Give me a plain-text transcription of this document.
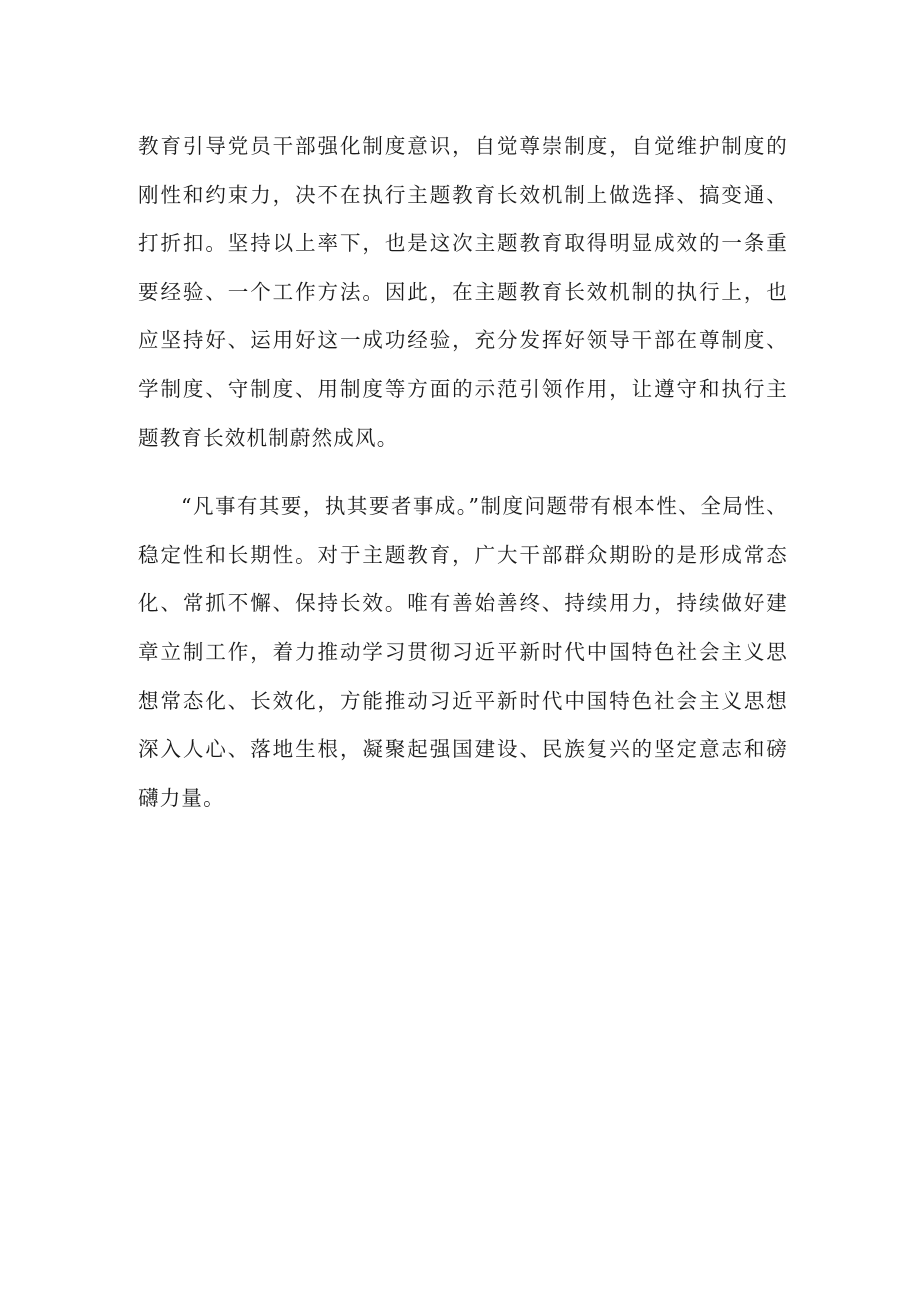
教育引导党员干部强化制度意识，自觉尊崇制度，自觉维护制度的刚性和约束力，决不在执行主题教育长效机制上做选择、搞变通、打折扣。坚持以上率下，也是这次主题教育取得明显成效的一条重要经验、一个工作方法。因此，在主题教育长效机制的执行上，也应坚持好、运用好这一成功经验，充分发挥好领导干部在尊制度、学制度、守制度、用制度等方面的示范引领作用，让遵守和执行主题教育长效机制蔚然成风。

“凡事有其要，执其要者事成。”制度问题带有根本性、全局性、稳定性和长期性。对于主题教育，广大干部群众期盼的是形成常态化、常抓不懈、保持长效。唯有善始善终、持续用力，持续做好建章立制工作，着力推动学习贯彻习近平新时代中国特色社会主义思想常态化、长效化，方能推动习近平新时代中国特色社会主义思想深入人心、落地生根，凝聚起强国建设、民族复兴的坚定意志和磅礴力量。
